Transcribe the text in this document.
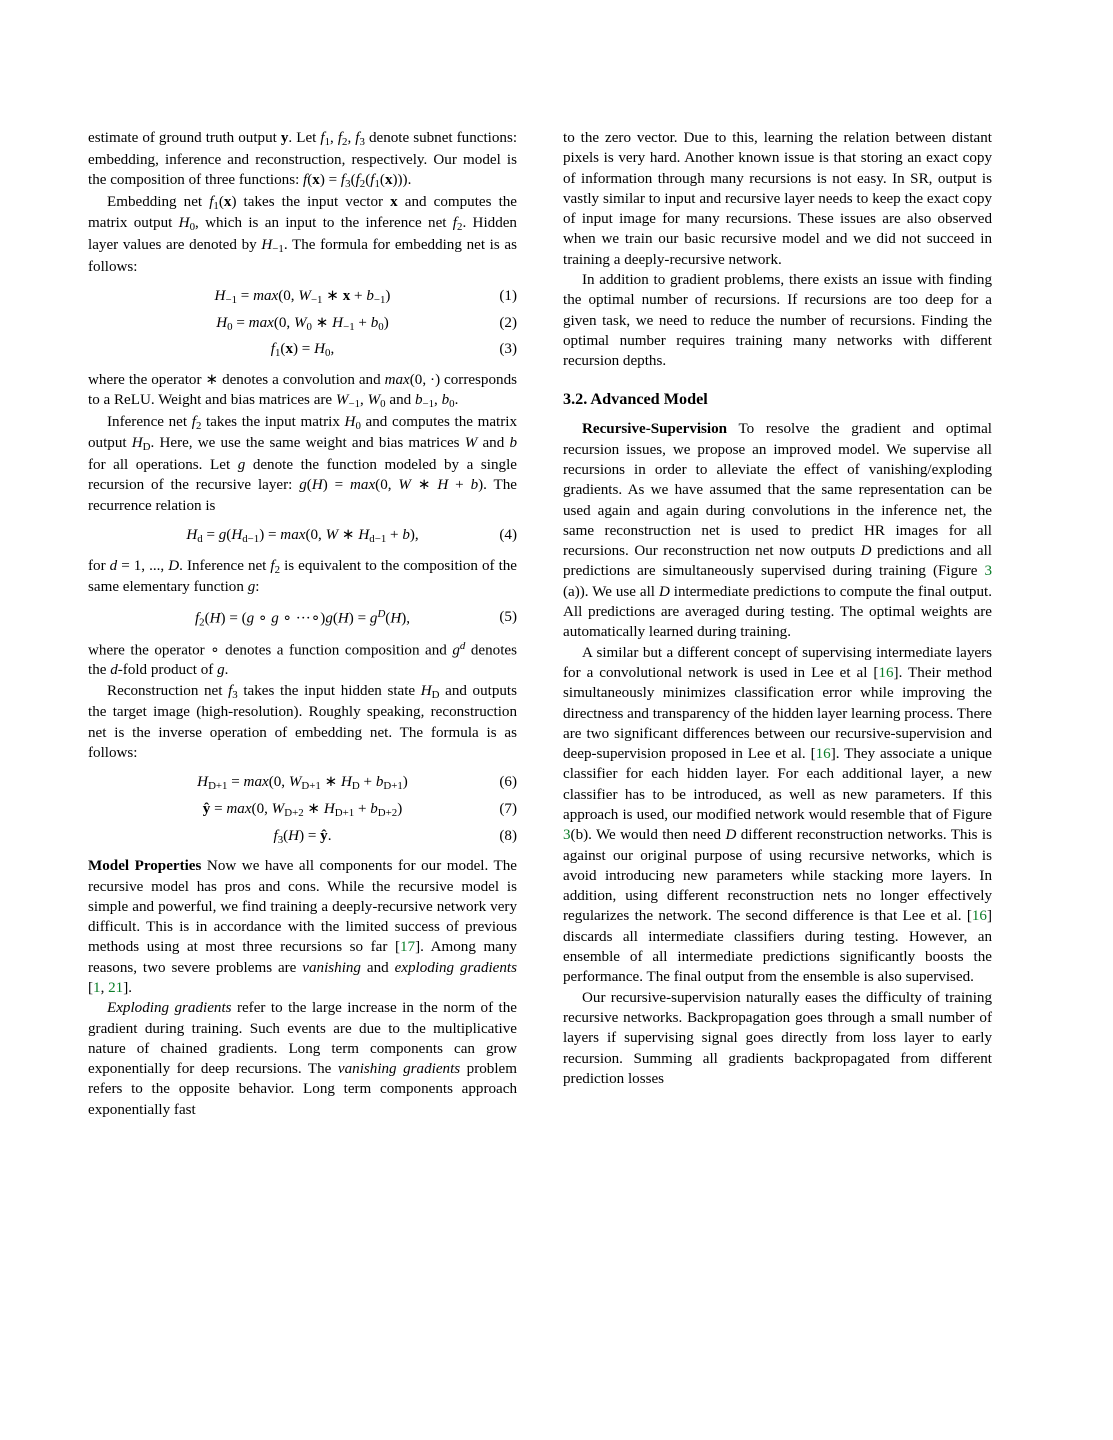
estimate of ground truth output y. Let $f_1$, $f_2$, $f_3$ denote subnet functions: embedding, inference and reconstruction, respectively. Our model is the composition of three functions: $f(x) = f_3(f_2(f_1(x)))$.

Embedding net $f_1(x)$ takes the input vector x and computes the matrix output $H_0$, which is an input to the inference net $f_2$. Hidden layer values are denoted by $H_{-1}$. The formula for embedding net is as follows:

$H_{-1} = \max(0$, $W_{-1}$ ∗ $x + b_{-1}$)	(1)
$H_0 = \max(0$, $W_0$ ∗ $H_{-1} + b_0$)	(2)
$f_1(x) = H_0$,	(3)

where the operator ∗ denotes a convolution and max(0, ·) corresponds to a ReLU. Weight and bias matrices are $W_{-1}$, $W_0$ and $b_{-1}$, $b_0$.

Inference net $f_2$ takes the input matrix $H_0$ and computes the matrix output $H_D$. Here, we use the same weight and bias matrices W and b for all operations. Let g denote the function modeled by a single recursion of the recursive layer: g(H) = max(0, W ∗ H + b). The recurrence relation is

$H_d = g(H_{d-1}) = \max(0$, W ∗ $H_{d-1} + b$),	(4)

for d = 1, ..., D. Inference net $f_2$ is equivalent to the composition of the same elementary function g:

$f_2(H) = (g$ ∘ g ∘ ···∘)g(H) = $g^D(H)$,	(5)

where the operator ∘ denotes a function composition and $g^d$ denotes the d-fold product of g.

Reconstruction net $f_3$ takes the input hidden state $H_D$ and outputs the target image (high-resolution). Roughly speaking, reconstruction net is the inverse operation of embedding net. The formula is as follows:

$H_{D+1} = \max(0$, $W_{D+1}$ ∗ $H_D + b_{D+1}$)	(6)
ŷ = max(0, $W_{D+2}$ ∗ $H_{D+1} + b_{D+2}$)	(7)
$f_3(H)$ = ŷ.	(8)

Model Properties Now we have all components for our model. The recursive model has pros and cons. While the recursive model is simple and powerful, we find training a deeply-recursive network very difficult. This is in accordance with the limited success of previous methods using at most three recursions so far [17]. Among many reasons, two severe problems are vanishing and exploding gradients [1, 21].

Exploding gradients refer to the large increase in the norm of the gradient during training. Such events are due to the multiplicative nature of chained gradients. Long term components can grow exponentially for deep recursions. The vanishing gradients problem refers to the opposite behavior. Long term components approach exponentially fast

to the zero vector. Due to this, learning the relation between distant pixels is very hard. Another known issue is that storing an exact copy of information through many recursions is not easy. In SR, output is vastly similar to input and recursive layer needs to keep the exact copy of input image for many recursions. These issues are also observed when we train our basic recursive model and we did not succeed in training a deeply-recursive network.

In addition to gradient problems, there exists an issue with finding the optimal number of recursions. If recursions are too deep for a given task, we need to reduce the number of recursions. Finding the optimal number requires training many networks with different recursion depths.

3.2. Advanced Model

Recursive-Supervision To resolve the gradient and optimal recursion issues, we propose an improved model. We supervise all recursions in order to alleviate the effect of vanishing/exploding gradients. As we have assumed that the same representation can be used again and again during convolutions in the inference net, the same reconstruction net is used to predict HR images for all recursions. Our reconstruction net now outputs D predictions and all predictions are simultaneously supervised during training (Figure 3 (a)). We use all D intermediate predictions to compute the final output. All predictions are averaged during testing. The optimal weights are automatically learned during training.

A similar but a different concept of supervising intermediate layers for a convolutional network is used in Lee et al [16]. Their method simultaneously minimizes classification error while improving the directness and transparency of the hidden layer learning process. There are two significant differences between our recursive-supervision and deep-supervision proposed in Lee et al. [16]. They associate a unique classifier for each hidden layer. For each additional layer, a new classifier has to be introduced, as well as new parameters. If this approach is used, our modified network would resemble that of Figure 3(b). We would then need D different reconstruction networks. This is against our original purpose of using recursive networks, which is avoid introducing new parameters while stacking more layers. In addition, using different reconstruction nets no longer effectively regularizes the network. The second difference is that Lee et al. [16] discards all intermediate classifiers during testing. However, an ensemble of all intermediate predictions significantly boosts the performance. The final output from the ensemble is also supervised.

Our recursive-supervision naturally eases the difficulty of training recursive networks. Backpropagation goes through a small number of layers if supervising signal goes directly from loss layer to early recursion. Summing all gradients backpropagated from different prediction losses
